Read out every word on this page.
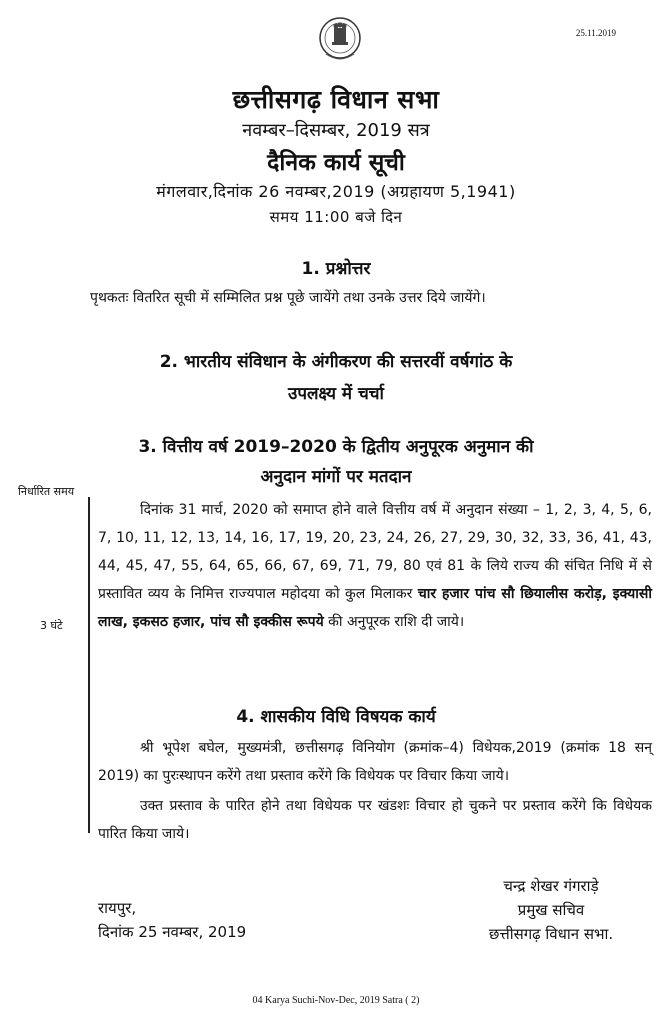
25.11.2019
छत्तीसगढ़ विधान सभा
नवम्बर–दिसम्बर, 2019 सत्र
दैनिक कार्य सूची
मंगलवार,दिनांक 26 नवम्बर,2019 (अग्रहायण 5,1941)
समय 11:00 बजे दिन
1. प्रश्नोत्तर
पृथकतः वितरित सूची में सम्मिलित प्रश्न पूछे जायेंगे तथा उनके उत्तर दिये जायेंगे।
2. भारतीय संविधान के अंगीकरण की सत्तरवीं वर्षगांठ के
उपलक्ष्य में चर्चा
3. वित्तीय वर्ष 2019–2020 के द्वितीय अनुपूरक अनुमान की
अनुदान मांगों पर मतदान
निर्धारित समय
3 घंटे
दिनांक 31 मार्च, 2020 को समाप्त होने वाले वित्तीय वर्ष में अनुदान संख्या – 1, 2, 3, 4, 5, 6, 7, 10, 11, 12, 13, 14, 16, 17, 19, 20, 23, 24, 26, 27, 29, 30, 32, 33, 36, 41, 43, 44, 45, 47, 55, 64, 65, 66, 67, 69, 71, 79, 80 एवं 81 के लिये राज्य की संचित निधि में से प्रस्तावित व्यय के निमित्त राज्यपाल महोदया को कुल मिलाकर चार हजार पांच सौ छियालीस करोड़, इक्यासी लाख, इकसठ हजार, पांच सौ इक्कीस रूपये की अनुपूरक राशि दी जाये।
4. शासकीय विधि विषयक कार्य
श्री भूपेश बघेल, मुख्यमंत्री, छत्तीसगढ़ विनियोग (क्रमांक–4) विधेयक,2019 (क्रमांक 18 सन् 2019) का पुरःस्थापन करेंगे तथा प्रस्ताव करेंगे कि विधेयक पर विचार किया जाये।
उक्त प्रस्ताव के पारित होने तथा विधेयक पर खंडशः विचार हो चुकने पर प्रस्ताव करेंगे कि विधेयक पारित किया जाये।
चन्द्र शेखर गंगराड़े
प्रमुख सचिव
छत्तीसगढ़ विधान सभा.
रायपुर,
दिनांक 25 नवम्बर, 2019
04 Karya Suchi-Nov-Dec, 2019 Satra ( 2)
